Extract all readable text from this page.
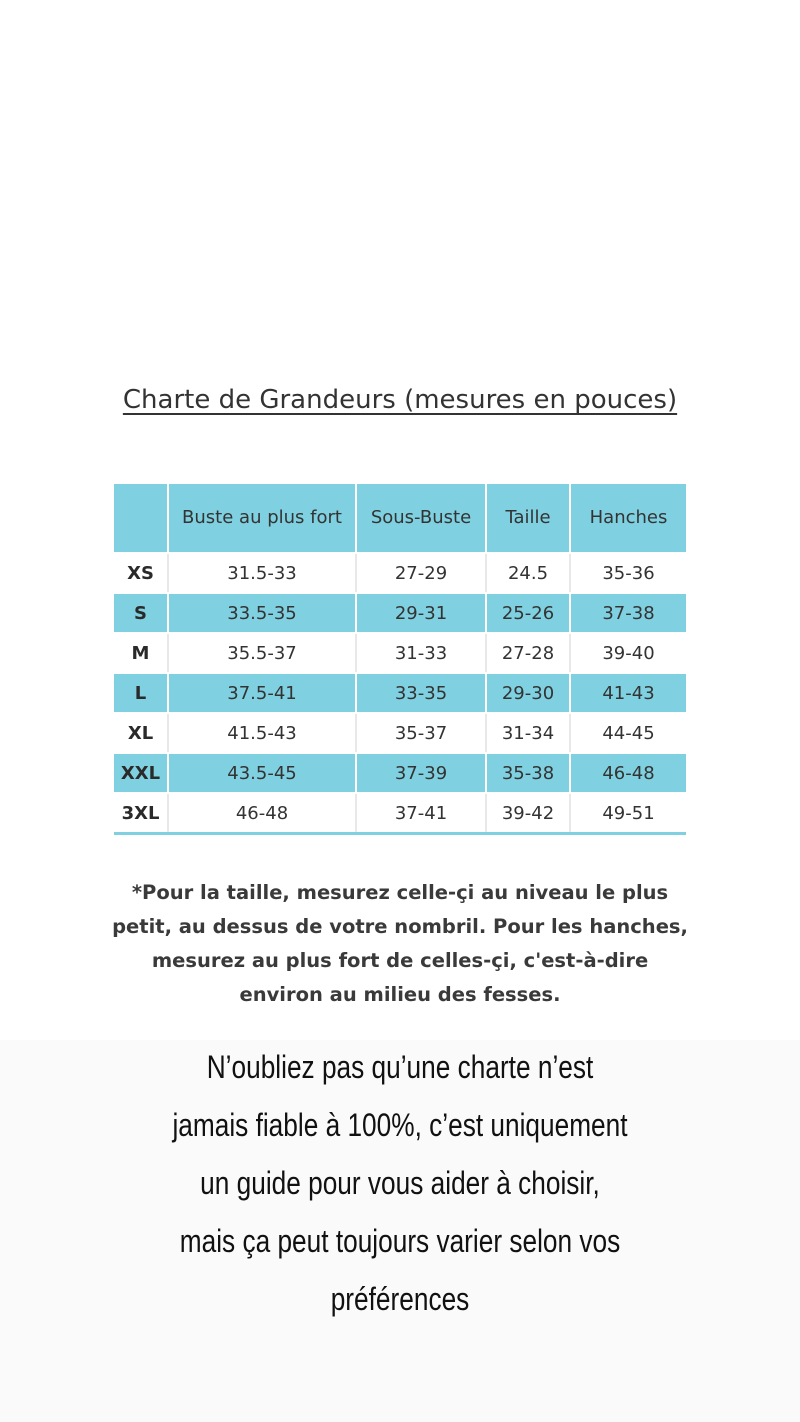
Charte de Grandeurs (mesures en pouces)
	Buste au plus fort	Sous-Buste	Taille	Hanches
XS	31.5-33	27-29	24.5	35-36
S	33.5-35	29-31	25-26	37-38
M	35.5-37	31-33	27-28	39-40
L	37.5-41	33-35	29-30	41-43
XL	41.5-43	35-37	31-34	44-45
XXL	43.5-45	37-39	35-38	46-48
3XL	46-48	37-41	39-42	49-51

*Pour la taille, mesurez celle-çi au niveau le plus petit, au dessus de votre nombril. Pour les hanches, mesurez au plus fort de celles-çi, c'est-à-dire environ au milieu des fesses.

N’oubliez pas qu’une charte n’est jamais fiable à 100%, c’est uniquement un guide pour vous aider à choisir, mais ça peut toujours varier selon vos préférences
